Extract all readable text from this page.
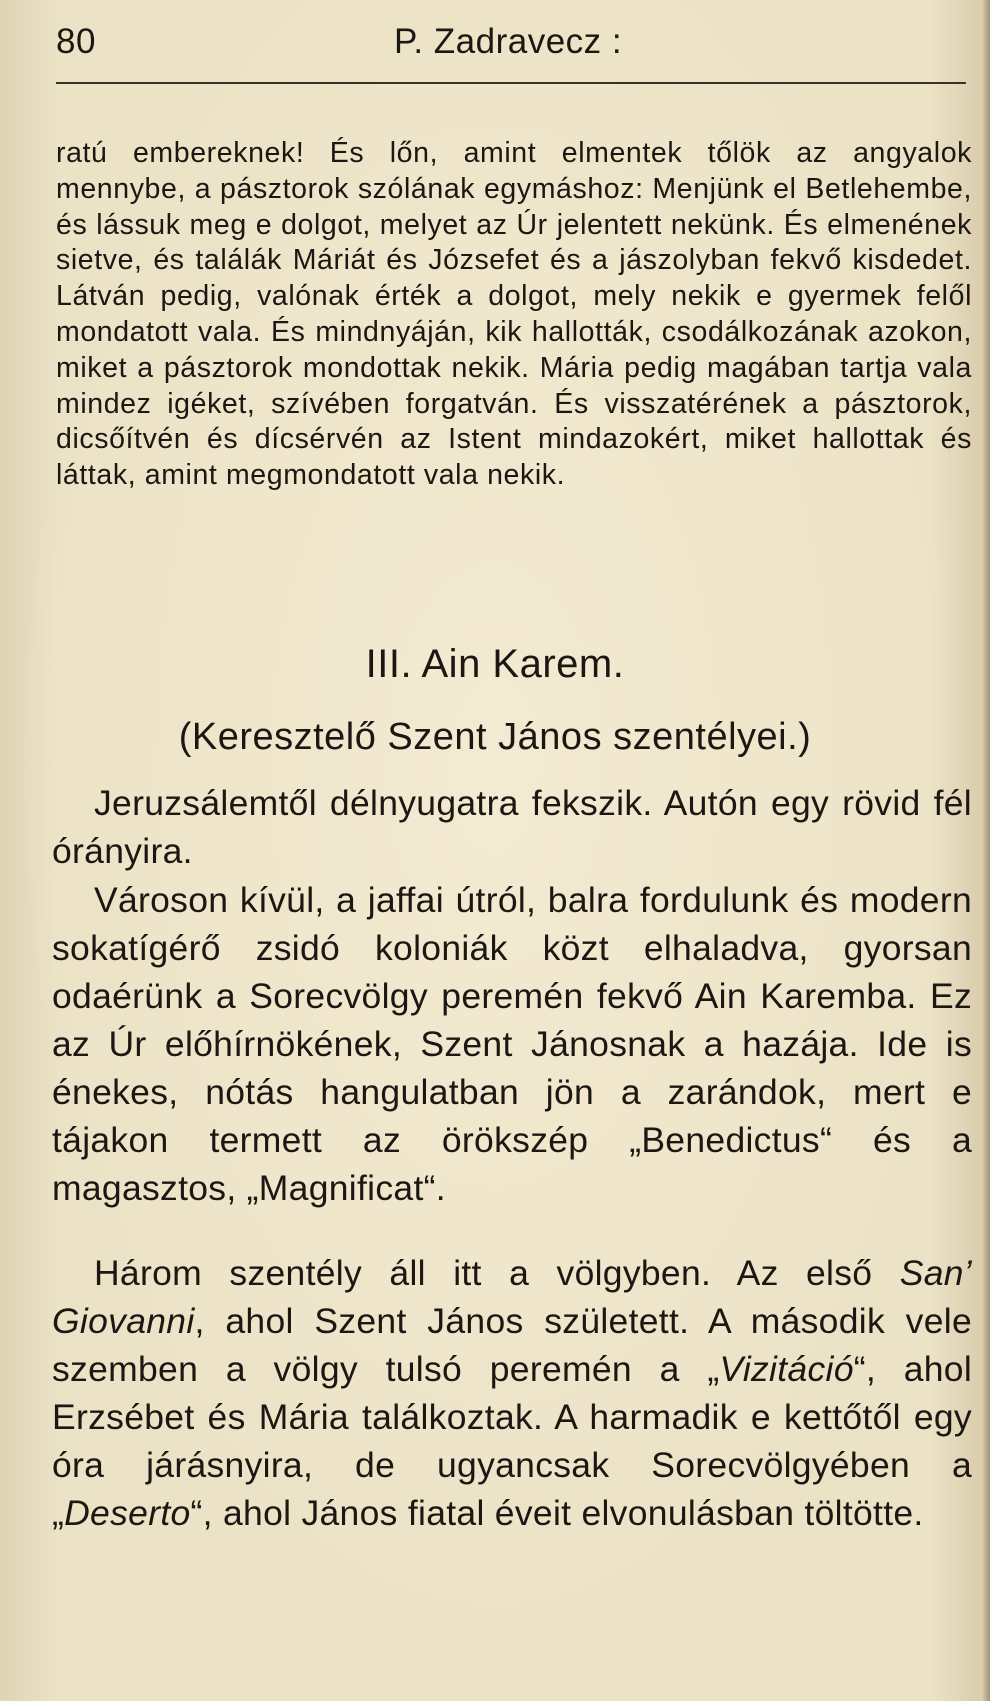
80	P. Zadravecz :

ratú embereknek! És lőn, amint elmentek tőlök az angyalok mennybe, a pásztorok szólának egymáshoz: Menjünk el Betlehembe, és lássuk meg e dolgot, melyet az Úr jelentett nekünk. És elmenének sietve, és találák Máriát és Józsefet és a jászolyban fekvő kisdedet. Látván pedig, valónak érték a dolgot, mely nekik e gyermek felől mondatott vala. És mindnyáján, kik hallották, csodálkozának azokon, miket a pásztorok mondottak nekik. Mária pedig magában tartja vala mindez igéket, szívében forgatván. És visszatérének a pásztorok, dicsőítvén és dícsérvén az Istent mindazokért, miket hallottak és láttak, amint megmondatott vala nekik.

III. Ain Karem.
(Keresztelő Szent János szentélyei.)

Jeruzsálemtől délnyugatra fekszik. Autón egy rövid fél órányira.

Városon kívül, a jaffai útról, balra fordulunk és modern sokatígérő zsidó koloniák közt elhaladva, gyorsan odaérünk a Sorecvölgy peremén fekvő Ain Karemba. Ez az Úr előhírnökének, Szent Jánosnak a hazája. Ide is énekes, nótás hangulatban jön a zarándok, mert e tájakon termett az örökszép „Benedictus“ és a magasztos, „Magnificat“.

Három szentély áll itt a völgyben. Az első San’ Giovanni, ahol Szent János született. A második vele szemben a völgy tulsó peremén a „Vizitáció“, ahol Erzsébet és Mária találkoztak. A harmadik e kettőtől egy óra járásnyira, de ugyancsak Sorecvölgyében a „Deserto“, ahol János fiatal éveit elvonulásban töltötte.
